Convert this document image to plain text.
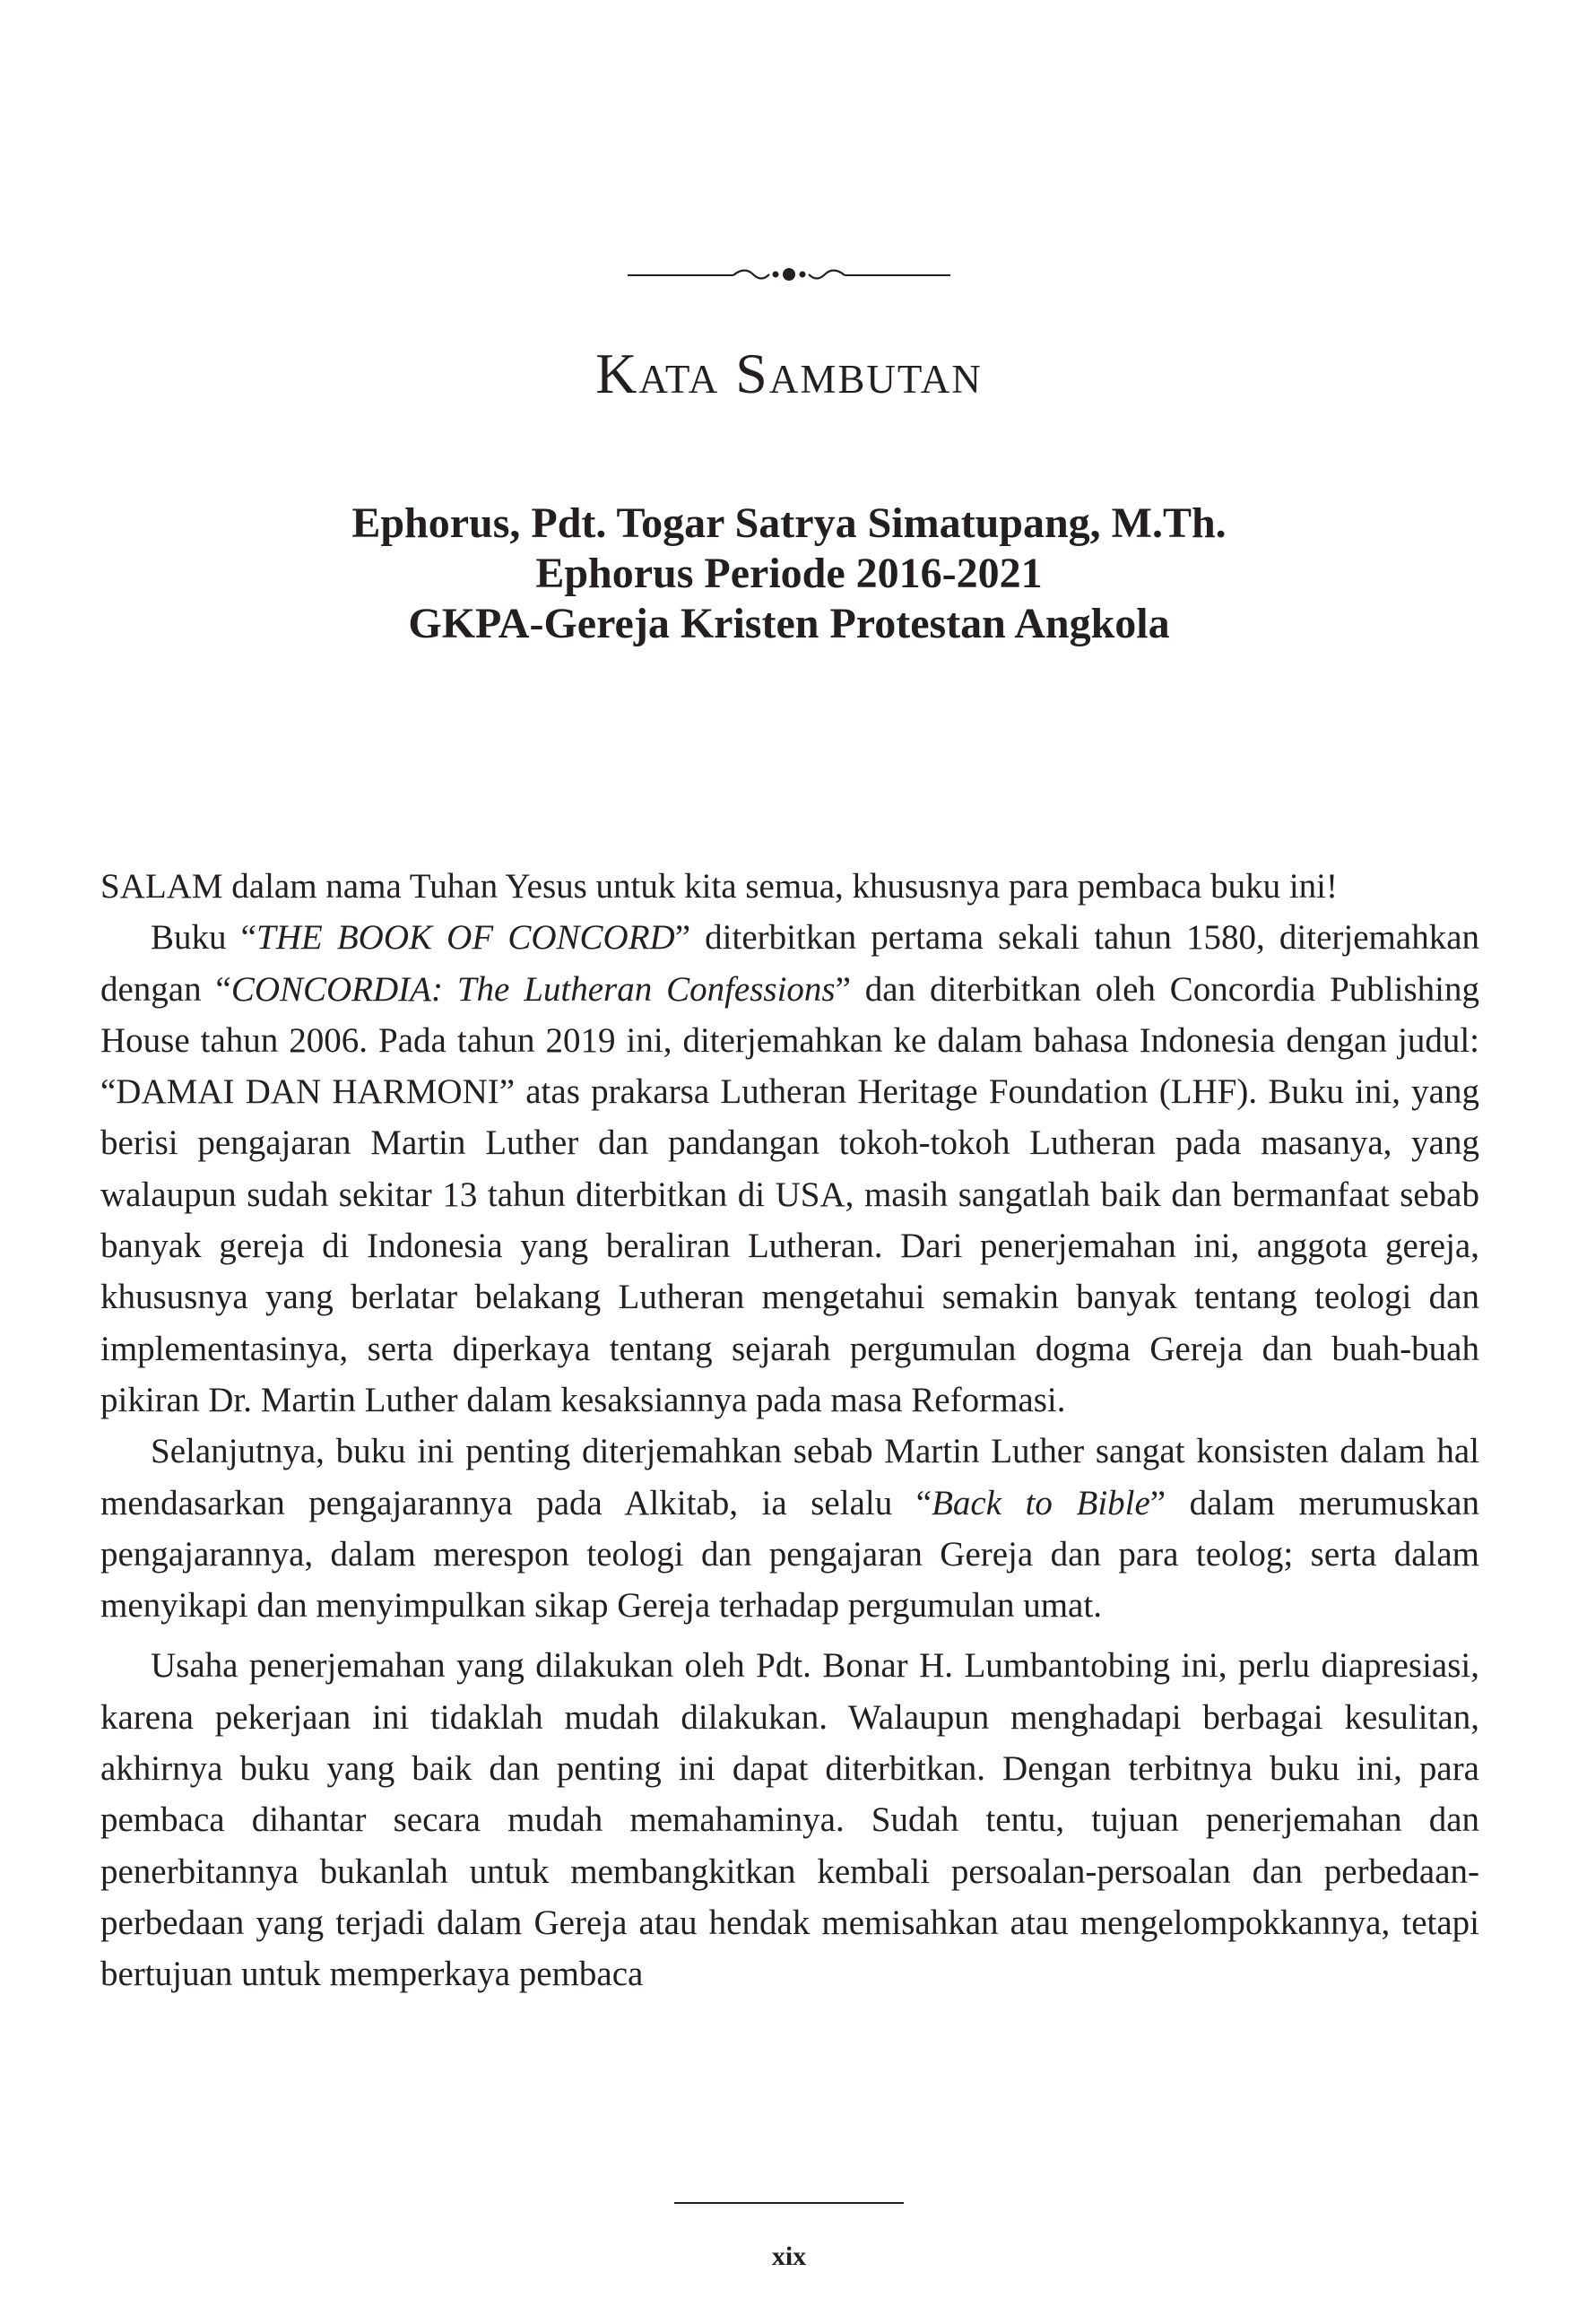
Kata Sambutan
Ephorus, Pdt. Togar Satrya Simatupang, M.Th.
Ephorus Periode 2016-2021
GKPA-Gereja Kristen Protestan Angkola

SALAM dalam nama Tuhan Yesus untuk kita semua, khususnya para pembaca buku ini!

Buku “THE BOOK OF CONCORD” diterbitkan pertama sekali tahun 1580, diterjemahkan dengan “CONCORDIA: The Lutheran Confessions” dan diterbitkan oleh Concordia Publishing House tahun 2006. Pada tahun 2019 ini, diterjemahkan ke dalam bahasa Indonesia dengan judul: “DAMAI DAN HARMONI” atas prakarsa Lutheran Heritage Foundation (LHF). Buku ini, yang berisi pengajaran Martin Luther dan pandangan tokoh-tokoh Lutheran pada masanya, yang walaupun sudah sekitar 13 tahun diterbitkan di USA, masih sangatlah baik dan bermanfaat sebab banyak gereja di Indonesia yang beraliran Lutheran. Dari penerjemahan ini, anggota gereja, khususnya yang berlatar belakang Lutheran mengetahui semakin banyak tentang teologi dan implementasinya, serta diperkaya tentang sejarah pergumulan dogma Gereja dan buah-buah pikiran Dr. Martin Luther dalam kesaksiannya pada masa Reformasi.

Selanjutnya, buku ini penting diterjemahkan sebab Martin Luther sangat konsisten dalam hal mendasarkan pengajarannya pada Alkitab, ia selalu “Back to Bible” dalam merumuskan pengajarannya, dalam merespon teologi dan pengajaran Gereja dan para teolog; serta dalam menyikapi dan menyimpulkan sikap Gereja terhadap pergumulan umat.

Usaha penerjemahan yang dilakukan oleh Pdt. Bonar H. Lumbantobing ini, perlu diapresiasi, karena pekerjaan ini tidaklah mudah dilakukan. Walaupun menghadapi berbagai kesulitan, akhirnya buku yang baik dan penting ini dapat diterbitkan. Dengan terbitnya buku ini, para pembaca dihantar secara mudah memahaminya. Sudah tentu, tujuan penerjemahan dan penerbitannya bukanlah untuk membangkitkan kembali persoalan-persoalan dan perbedaan-perbedaan yang terjadi dalam Gereja atau hendak memisahkan atau mengelompokkannya, tetapi bertujuan untuk memperkaya pembaca

xix
